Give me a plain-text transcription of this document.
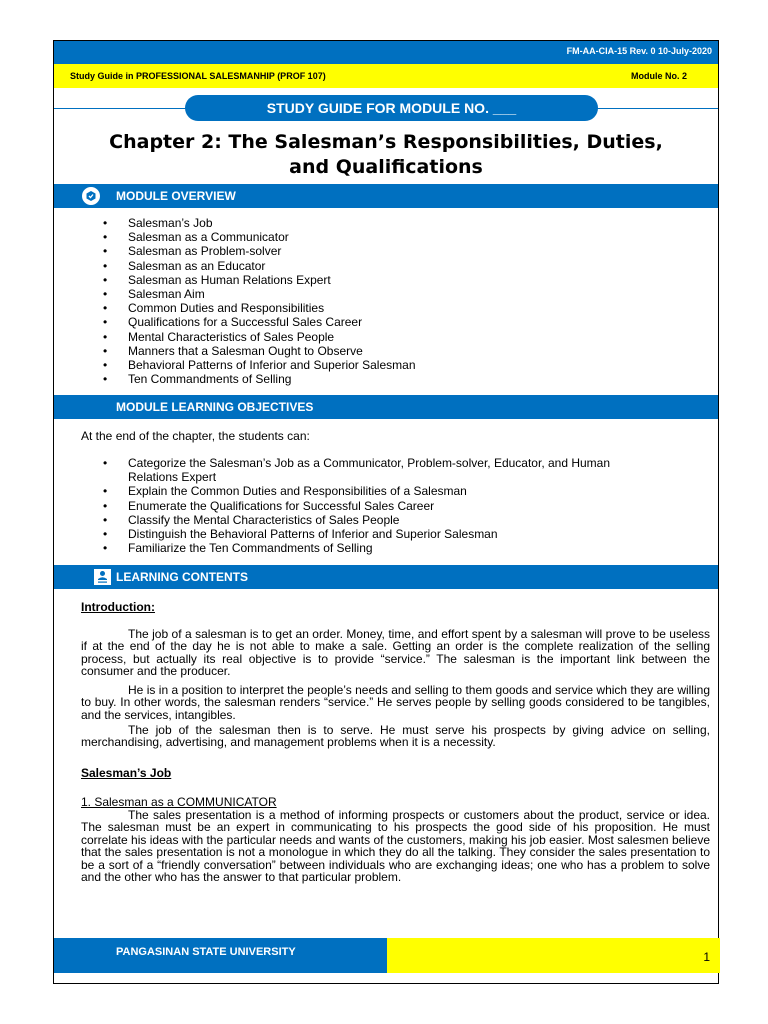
FM-AA-CIA-15 Rev. 0 10-July-2020
Study Guide in PROFESSIONAL SALESMANHIP (PROF 107)	Module No. 2
STUDY GUIDE FOR MODULE NO. ___
Chapter 2: The Salesman’s Responsibilities, Duties,
and Qualifications
MODULE OVERVIEW
• Salesman’s Job
• Salesman as a Communicator
• Salesman as Problem-solver
• Salesman as an Educator
• Salesman as Human Relations Expert
• Salesman Aim
• Common Duties and Responsibilities
• Qualifications for a Successful Sales Career
• Mental Characteristics of Sales People
• Manners that a Salesman Ought to Observe
• Behavioral Patterns of Inferior and Superior Salesman
• Ten Commandments of Selling
MODULE LEARNING OBJECTIVES
At the end of the chapter, the students can:
• Categorize the Salesman’s Job as a Communicator, Problem-solver, Educator, and Human Relations Expert
• Explain the Common Duties and Responsibilities of a Salesman
• Enumerate the Qualifications for Successful Sales Career
• Classify the Mental Characteristics of Sales People
• Distinguish the Behavioral Patterns of Inferior and Superior Salesman
• Familiarize the Ten Commandments of Selling
LEARNING CONTENTS
Introduction:
The job of a salesman is to get an order. Money, time, and effort spent by a salesman will prove to be useless if at the end of the day he is not able to make a sale. Getting an order is the complete realization of the selling process, but actually its real objective is to provide “service.” The salesman is the important link between the consumer and the producer.
He is in a position to interpret the people’s needs and selling to them goods and service which they are willing to buy. In other words, the salesman renders “service.” He serves people by selling goods considered to be tangibles, and the services, intangibles.
The job of the salesman then is to serve. He must serve his prospects by giving advice on selling, merchandising, advertising, and management problems when it is a necessity.
Salesman’s Job
1. Salesman as a COMMUNICATOR
The sales presentation is a method of informing prospects or customers about the product, service or idea. The salesman must be an expert in communicating to his prospects the good side of his proposition. He must correlate his ideas with the particular needs and wants of the customers, making his job easier. Most salesmen believe that the sales presentation is not a monologue in which they do all the talking. They consider the sales presentation to be a sort of a “friendly conversation” between individuals who are exchanging ideas; one who has a problem to solve and the other who has the answer to that particular problem.
PANGASINAN STATE UNIVERSITY	1
